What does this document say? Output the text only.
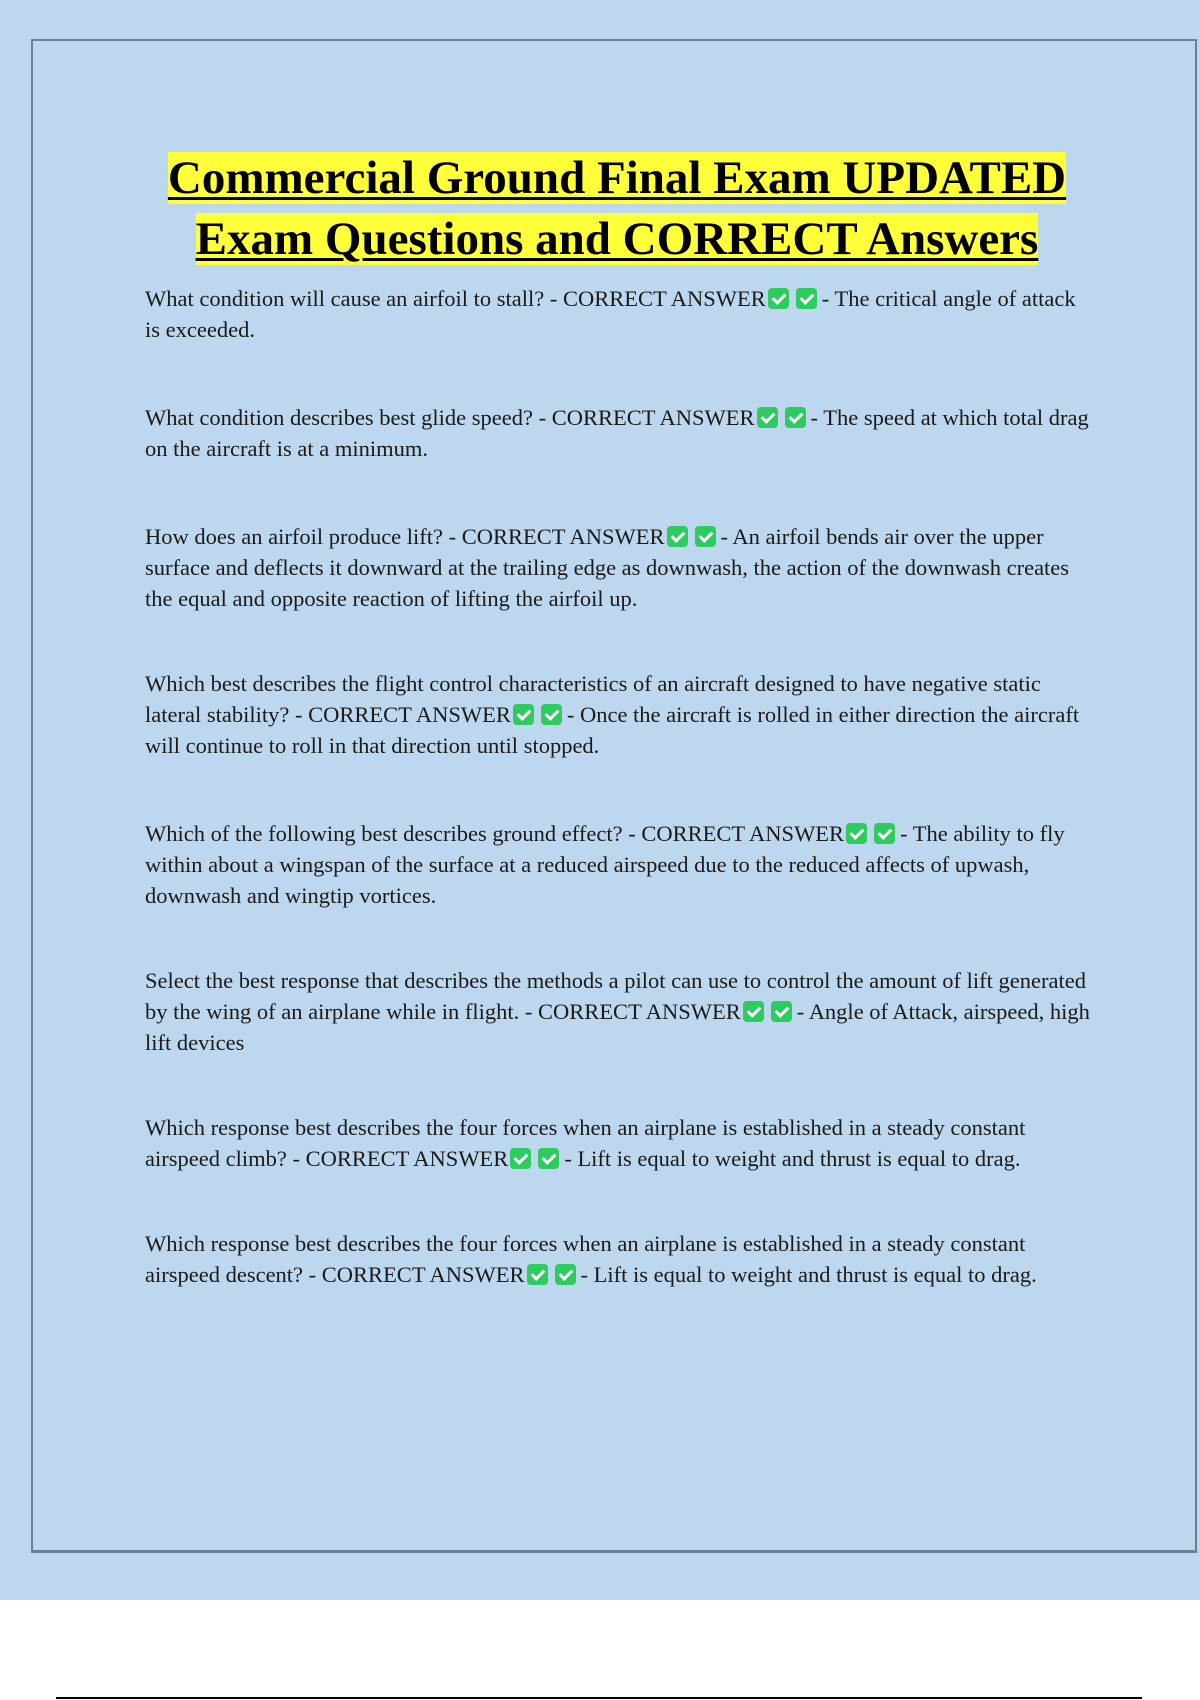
Commercial Ground Final Exam UPDATED
Exam Questions and CORRECT Answers

What condition will cause an airfoil to stall? - CORRECT ANSWER - The critical angle of attack is exceeded.

What condition describes best glide speed? - CORRECT ANSWER - The speed at which total drag on the aircraft is at a minimum.

How does an airfoil produce lift? - CORRECT ANSWER - An airfoil bends air over the upper surface and deflects it downward at the trailing edge as downwash, the action of the downwash creates the equal and opposite reaction of lifting the airfoil up.

Which best describes the flight control characteristics of an aircraft designed to have negative static lateral stability? - CORRECT ANSWER - Once the aircraft is rolled in either direction the aircraft will continue to roll in that direction until stopped.

Which of the following best describes ground effect? - CORRECT ANSWER - The ability to fly within about a wingspan of the surface at a reduced airspeed due to the reduced affects of upwash, downwash and wingtip vortices.

Select the best response that describes the methods a pilot can use to control the amount of lift generated by the wing of an airplane while in flight. - CORRECT ANSWER - Angle of Attack, airspeed, high lift devices

Which response best describes the four forces when an airplane is established in a steady constant airspeed climb? - CORRECT ANSWER - Lift is equal to weight and thrust is equal to drag.

Which response best describes the four forces when an airplane is established in a steady constant airspeed descent? - CORRECT ANSWER - Lift is equal to weight and thrust is equal to drag.
